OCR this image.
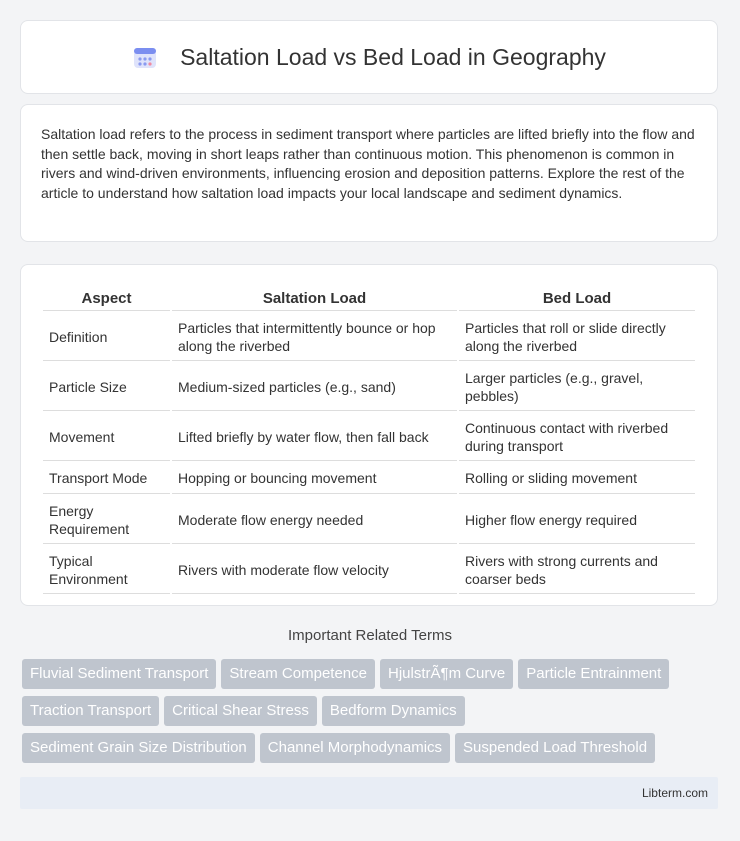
Saltation Load vs Bed Load in Geography

Saltation load refers to the process in sediment transport where particles are lifted briefly into the flow and then settle back, moving in short leaps rather than continuous motion. This phenomenon is common in rivers and wind-driven environments, influencing erosion and deposition patterns. Explore the rest of the article to understand how saltation load impacts your local landscape and sediment dynamics.

Aspect	Saltation Load	Bed Load
Definition	Particles that intermittently bounce or hop along the riverbed	Particles that roll or slide directly along the riverbed
Particle Size	Medium-sized particles (e.g., sand)	Larger particles (e.g., gravel, pebbles)
Movement	Lifted briefly by water flow, then fall back	Continuous contact with riverbed during transport
Transport Mode	Hopping or bouncing movement	Rolling or sliding movement
Energy Requirement	Moderate flow energy needed	Higher flow energy required
Typical Environment	Rivers with moderate flow velocity	Rivers with strong currents and coarser beds
Important Related Terms
Fluvial Sediment Transport Stream Competence HjulstrÃ¶m Curve Particle Entrainment
Traction Transport Critical Shear Stress Bedform Dynamics
Sediment Grain Size Distribution Channel Morphodynamics Suspended Load Threshold
Libterm.com
